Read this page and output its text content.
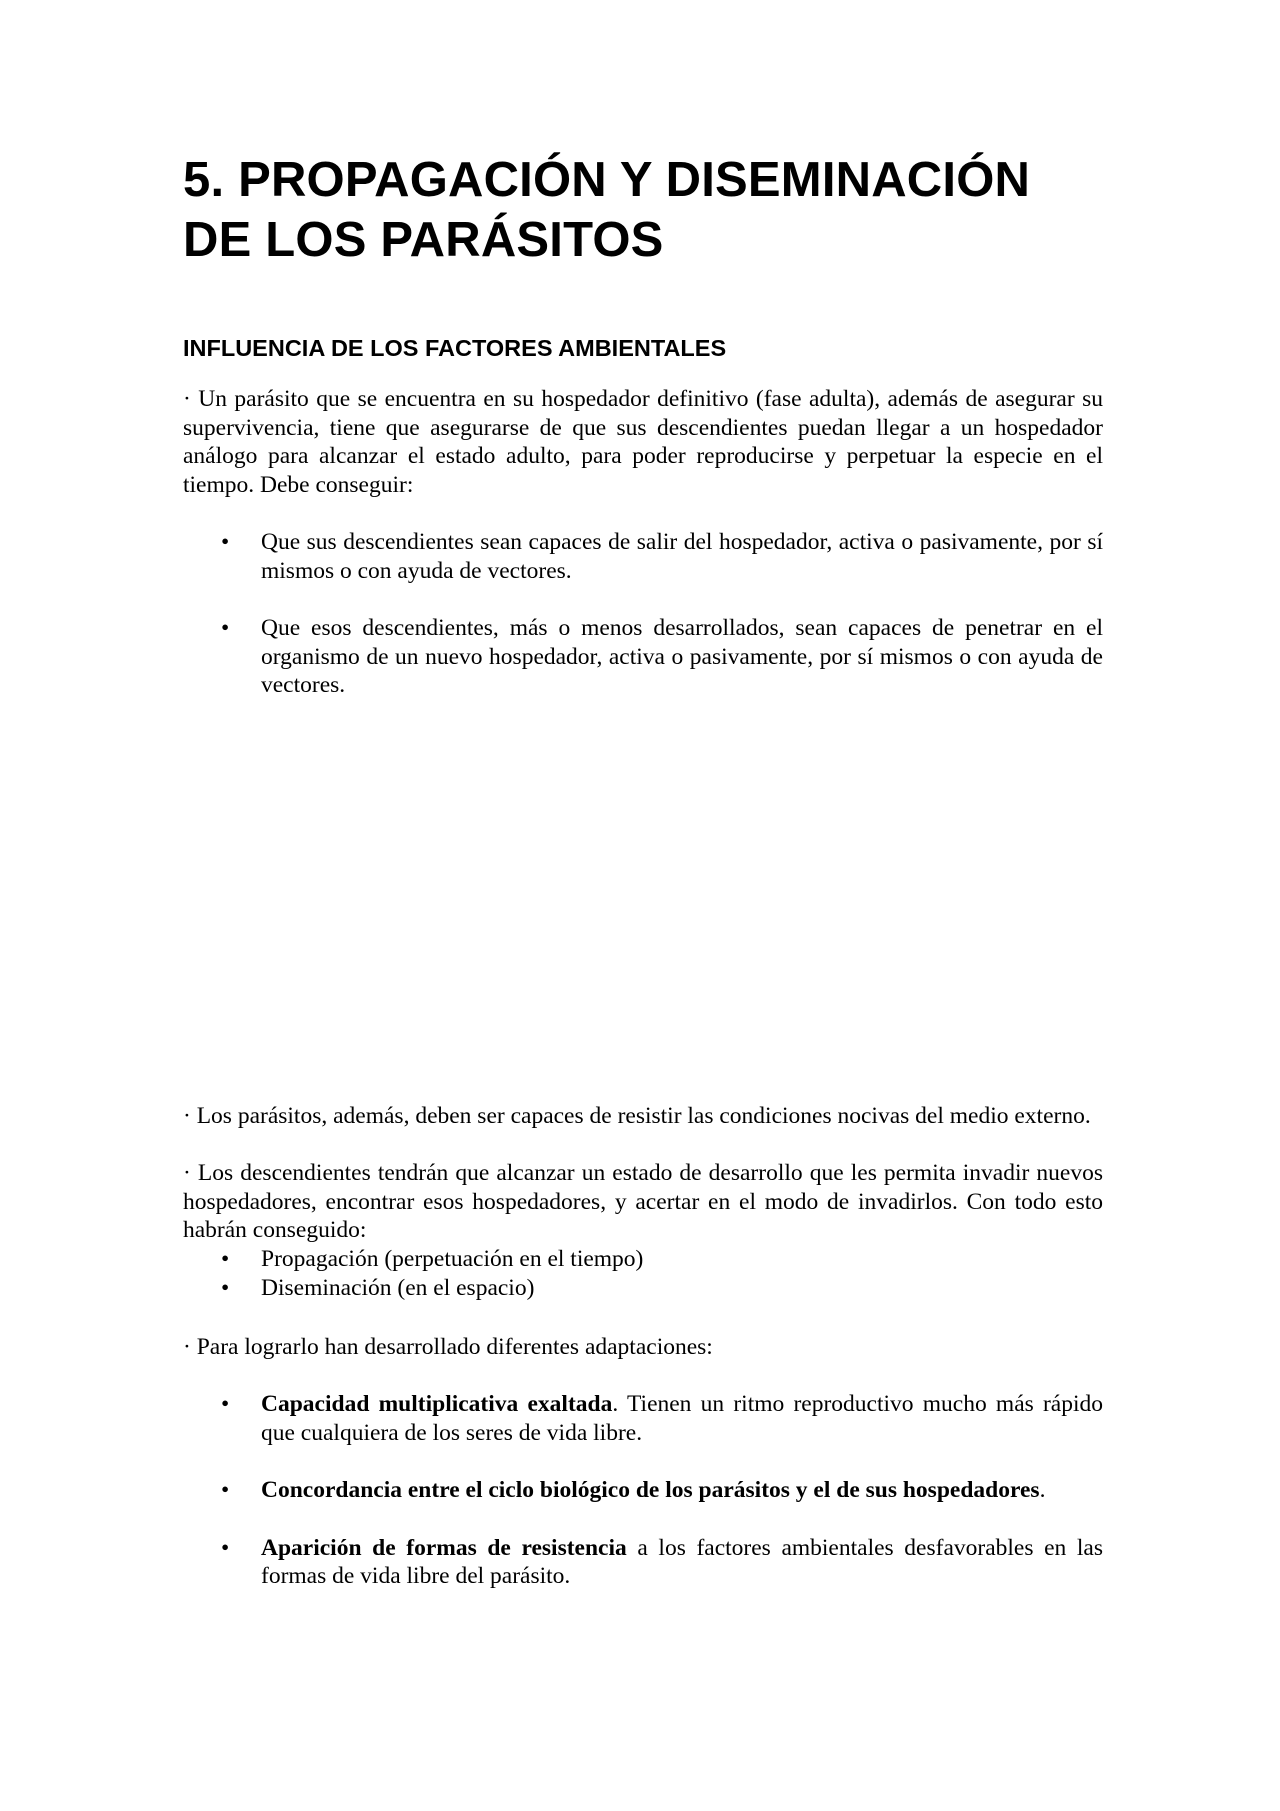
5. PROPAGACIÓN Y DISEMINACIÓN
DE LOS PARÁSITOS
INFLUENCIA DE LOS FACTORES AMBIENTALES

· Un parásito que se encuentra en su hospedador definitivo (fase adulta), además de asegurar su supervivencia, tiene que asegurarse de que sus descendientes puedan llegar a un hospedador análogo para alcanzar el estado adulto, para poder reproducirse y perpetuar la especie en el tiempo. Debe conseguir:

• Que sus descendientes sean capaces de salir del hospedador, activa o pasivamente, por sí mismos o con ayuda de vectores.
• Que esos descendientes, más o menos desarrollados, sean capaces de penetrar en el organismo de un nuevo hospedador, activa o pasivamente, por sí mismos o con ayuda de vectores.

· Los parásitos, además, deben ser capaces de resistir las condiciones nocivas del medio externo.

· Los descendientes tendrán que alcanzar un estado de desarrollo que les permita invadir nuevos hospedadores, encontrar esos hospedadores, y acertar en el modo de invadirlos. Con todo esto habrán conseguido:

• Propagación (perpetuación en el tiempo)
• Diseminación (en el espacio)

· Para lograrlo han desarrollado diferentes adaptaciones:

• Capacidad multiplicativa exaltada. Tienen un ritmo reproductivo mucho más rápido que cualquiera de los seres de vida libre.
• Concordancia entre el ciclo biológico de los parásitos y el de sus hospedadores.
• Aparición de formas de resistencia a los factores ambientales desfavorables en las formas de vida libre del parásito.
